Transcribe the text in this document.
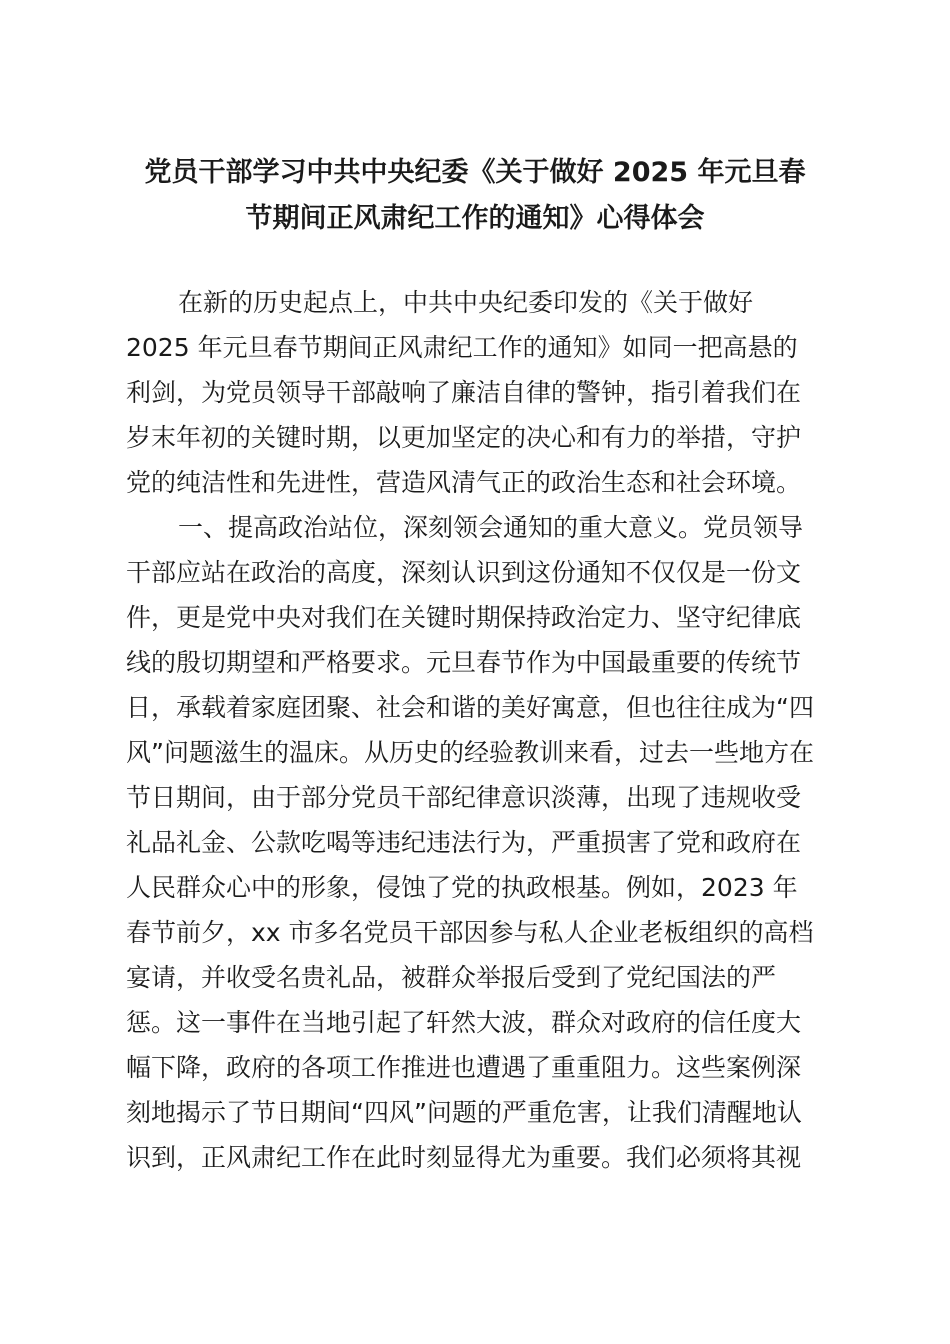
党员干部学习中共中央纪委《关于做好 2025 年元旦春
节期间正风肃纪工作的通知》心得体会
在新的历史起点上，中共中央纪委印发的《关于做好
2025 年元旦春节期间正风肃纪工作的通知》如同一把高悬的
利剑，为党员领导干部敲响了廉洁自律的警钟，指引着我们在
岁末年初的关键时期，以更加坚定的决心和有力的举措，守护
党的纯洁性和先进性，营造风清气正的政治生态和社会环境。
一、提高政治站位，深刻领会通知的重大意义。党员领导
干部应站在政治的高度，深刻认识到这份通知不仅仅是一份文
件，更是党中央对我们在关键时期保持政治定力、坚守纪律底
线的殷切期望和严格要求。元旦春节作为中国最重要的传统节
日，承载着家庭团聚、社会和谐的美好寓意，但也往往成为“四
风”问题滋生的温床。从历史的经验教训来看，过去一些地方在
节日期间，由于部分党员干部纪律意识淡薄，出现了违规收受
礼品礼金、公款吃喝等违纪违法行为，严重损害了党和政府在
人民群众心中的形象，侵蚀了党的执政根基。例如，2023 年
春节前夕，xx 市多名党员干部因参与私人企业老板组织的高档
宴请，并收受名贵礼品，被群众举报后受到了党纪国法的严
惩。这一事件在当地引起了轩然大波，群众对政府的信任度大
幅下降，政府的各项工作推进也遭遇了重重阻力。这些案例深
刻地揭示了节日期间“四风”问题的严重危害，让我们清醒地认
识到，正风肃纪工作在此时刻显得尤为重要。我们必须将其视
